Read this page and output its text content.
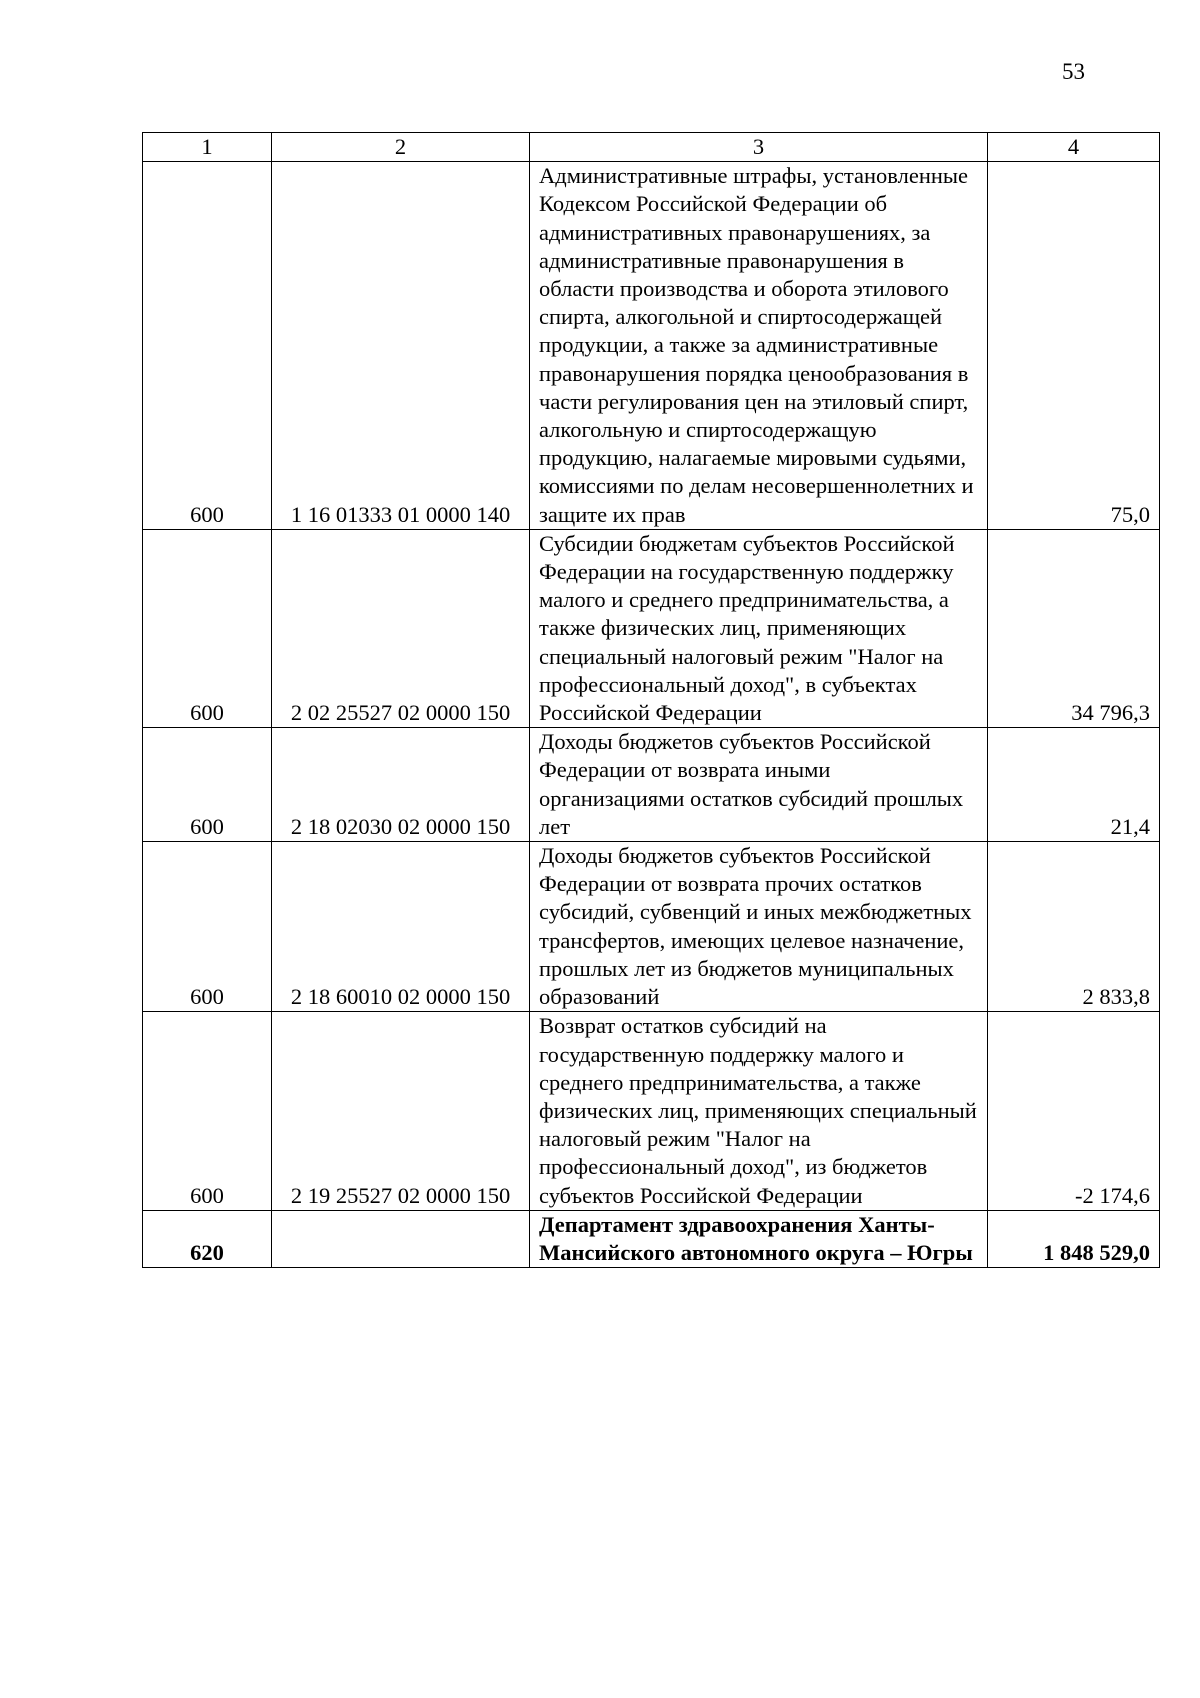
53
1	2	3	4
600	1 16 01333 01 0000 140	Административные штрафы, установленные Кодексом Российской Федерации об административных правонарушениях, за административные правонарушения в области производства и оборота этилового спирта, алкогольной и спиртосодержащей продукции, а также за административные правонарушения порядка ценообразования в части регулирования цен на этиловый спирт, алкогольную и спиртосодержащую продукцию, налагаемые мировыми судьями, комиссиями по делам несовершеннолетних и защите их прав	75,0
600	2 02 25527 02 0000 150	Субсидии бюджетам субъектов Российской Федерации на государственную поддержку малого и среднего предпринимательства, а также физических лиц, применяющих специальный налоговый режим "Налог на профессиональный доход", в субъектах Российской Федерации	34 796,3
600	2 18 02030 02 0000 150	Доходы бюджетов субъектов Российской Федерации от возврата иными организациями остатков субсидий прошлых лет	21,4
600	2 18 60010 02 0000 150	Доходы бюджетов субъектов Российской Федерации от возврата прочих остатков субсидий, субвенций и иных межбюджетных трансфертов, имеющих целевое назначение, прошлых лет из бюджетов муниципальных образований	2 833,8
600	2 19 25527 02 0000 150	Возврат остатков субсидий на государственную поддержку малого и среднего предпринимательства, а также физических лиц, применяющих специальный налоговый режим "Налог на профессиональный доход", из бюджетов субъектов Российской Федерации	-2 174,6
620		Департамент здравоохранения Ханты-Мансийского автономного округа – Югры	1 848 529,0
